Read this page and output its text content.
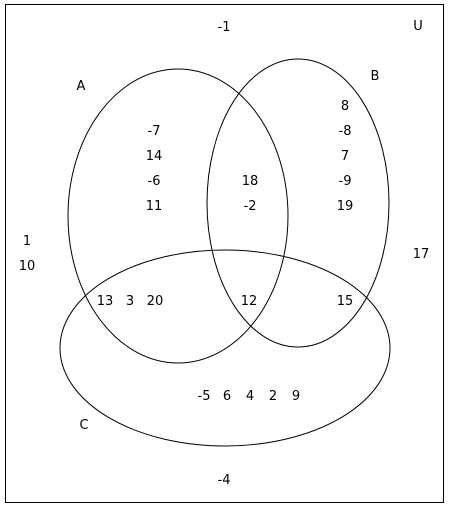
U
A
B
C
-1
1
10
17
-4
-7
14
-6
11
18
-2
8
-8
7
-9
19
13 3 20	12	15
-5 6 4 2 9
